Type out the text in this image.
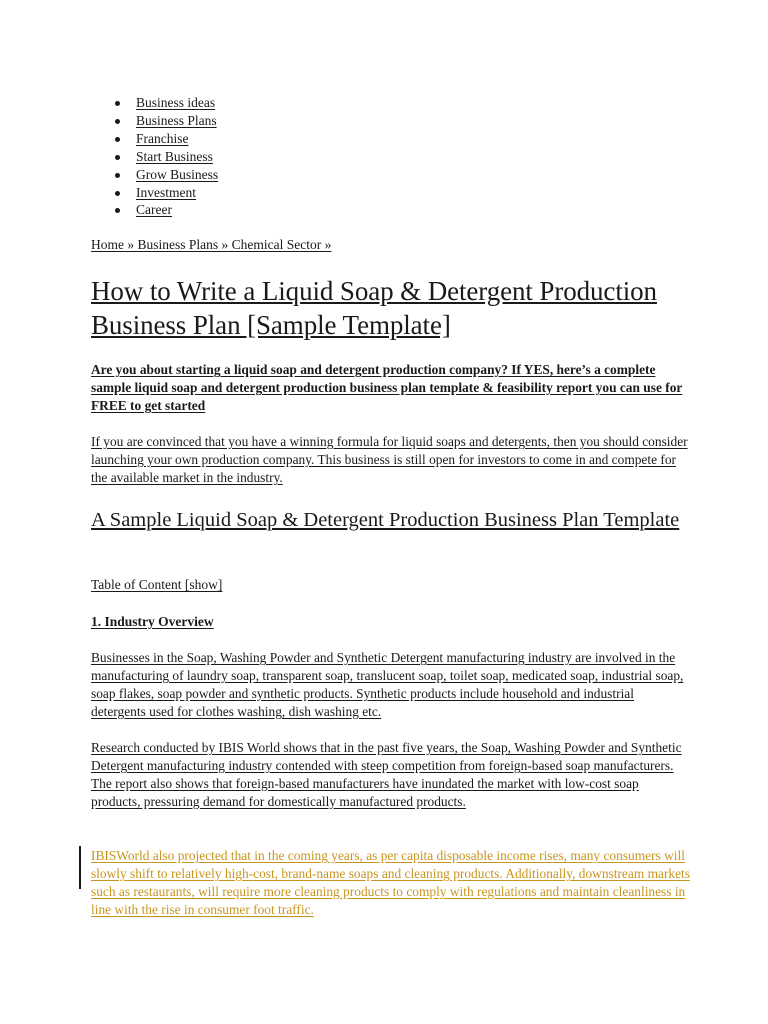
Business ideas
Business Plans
Franchise
Start Business
Grow Business
Investment
Career
Home » Business Plans » Chemical Sector »
How to Write a Liquid Soap & Detergent Production Business Plan [Sample Template]

Are you about starting a liquid soap and detergent production company? If YES, here’s a complete sample liquid soap and detergent production business plan template & feasibility report you can use for FREE to get started

If you are convinced that you have a winning formula for liquid soaps and detergents, then you should consider launching your own production company. This business is still open for investors to come in and compete for the available market in the industry.

A Sample Liquid Soap & Detergent Production Business Plan Template
Table of Content [show]
1. Industry Overview

Businesses in the Soap, Washing Powder and Synthetic Detergent manufacturing industry are involved in the manufacturing of laundry soap, transparent soap, translucent soap, toilet soap, medicated soap, industrial soap, soap flakes, soap powder and synthetic products. Synthetic products include household and industrial detergents used for clothes washing, dish washing etc.

Research conducted by IBIS World shows that in the past five years, the Soap, Washing Powder and Synthetic Detergent manufacturing industry contended with steep competition from foreign-based soap manufacturers. The report also shows that foreign-based manufacturers have inundated the market with low-cost soap products, pressuring demand for domestically manufactured products.

IBISWorld also projected that in the coming years, as per capita disposable income rises, many consumers will slowly shift to relatively high-cost, brand-name soaps and cleaning products. Additionally, downstream markets such as restaurants, will require more cleaning products to comply with regulations and maintain cleanliness in line with the rise in consumer foot traffic.
